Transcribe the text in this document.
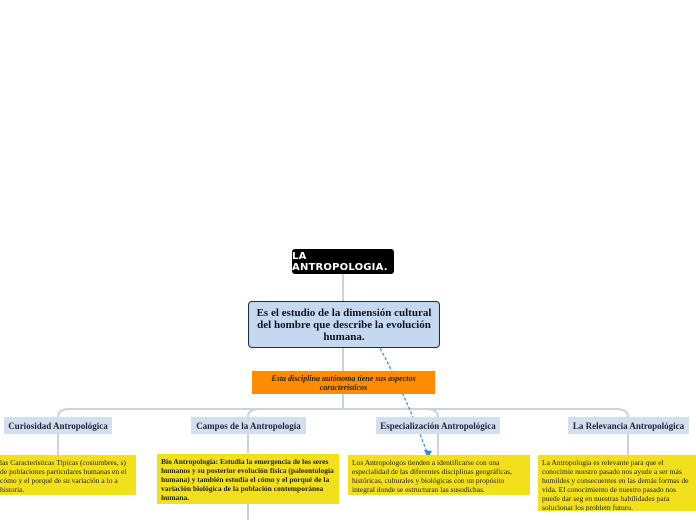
LA ANTROPOLOGIA.
Es el estudio de la dimensión cultural del hombre que describe la evolución humana.
Esta disciplina autónoma tiene sus aspectos característicos
Curiosidad Antropológica	Campos de la Antropología	Especialización Antropológica	La Relevancia Antropológica
las Características Típicas (costumbres, s) de poblaciones particulares humanas en el cómo y el porqué de su variación a lo a historia.
Bio Antropología: Estudia la emergencia de los seres humanos y su posterior evolución física (paleontología humana) y también estudia el cómo y el porqué de la variación biológica de la población contemporánea humana.
Los Antropologos tienden a identificarse con una especialidad de las diferentes disciplinas geográficas, históricas, culturales y biológicas con un propósito integral donde se estructuran las susodichas.
La Antropología es relevante para que el conocimie nuestro pasado nos ayude a ser más humildes y consecuentes en las demás formas de vida. El conocimiento de nuestro pasado nos puede dar seg en nuestras habilidades para solucionar los problem futuro.
